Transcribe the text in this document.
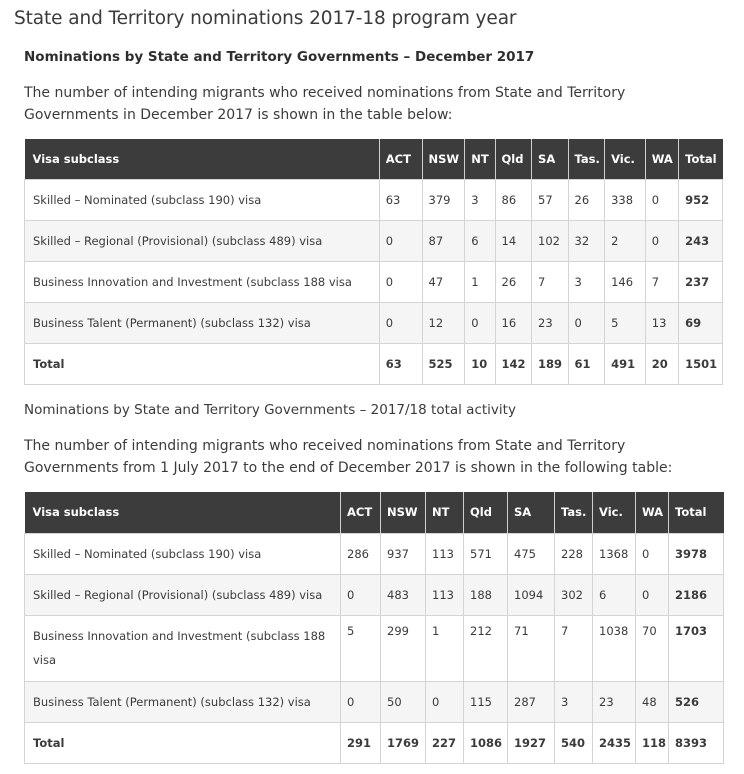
State and Territory nominations 2017-18 program year
Nominations by State and Territory Governments – December 2017

The number of intending migrants who received nominations from State and Territory Governments in December 2017 is shown in the table below:

Visa subclass	ACT	NSW	NT	Qld	SA	Tas.	Vic.	WA	Total
Skilled – Nominated (subclass 190) visa	63	379	3	86	57	26	338	0	952
Skilled – Regional (Provisional) (subclass 489) visa	0	87	6	14	102	32	2	0	243
Business Innovation and Investment (subclass 188 visa	0	47	1	26	7	3	146	7	237
Business Talent (Permanent) (subclass 132) visa	0	12	0	16	23	0	5	13	69
Total	63	525	10	142	189	61	491	20	1501
Nominations by State and Territory Governments – 2017/18 total activity

The number of intending migrants who received nominations from State and Territory Governments from 1 July 2017 to the end of December 2017 is shown in the following table:

Visa subclass	ACT	NSW	NT	Qld	SA	Tas.	Vic.	WA	Total
Skilled – Nominated (subclass 190) visa	286	937	113	571	475	228	1368	0	3978
Skilled – Regional (Provisional) (subclass 489) visa	0	483	113	188	1094	302	6	0	2186
Business Innovation and Investment (subclass 188 visa	5	299	1	212	71	7	1038	70	1703
Business Talent (Permanent) (subclass 132) visa	0	50	0	115	287	3	23	48	526
Total	291	1769	227	1086	1927	540	2435	118	8393
